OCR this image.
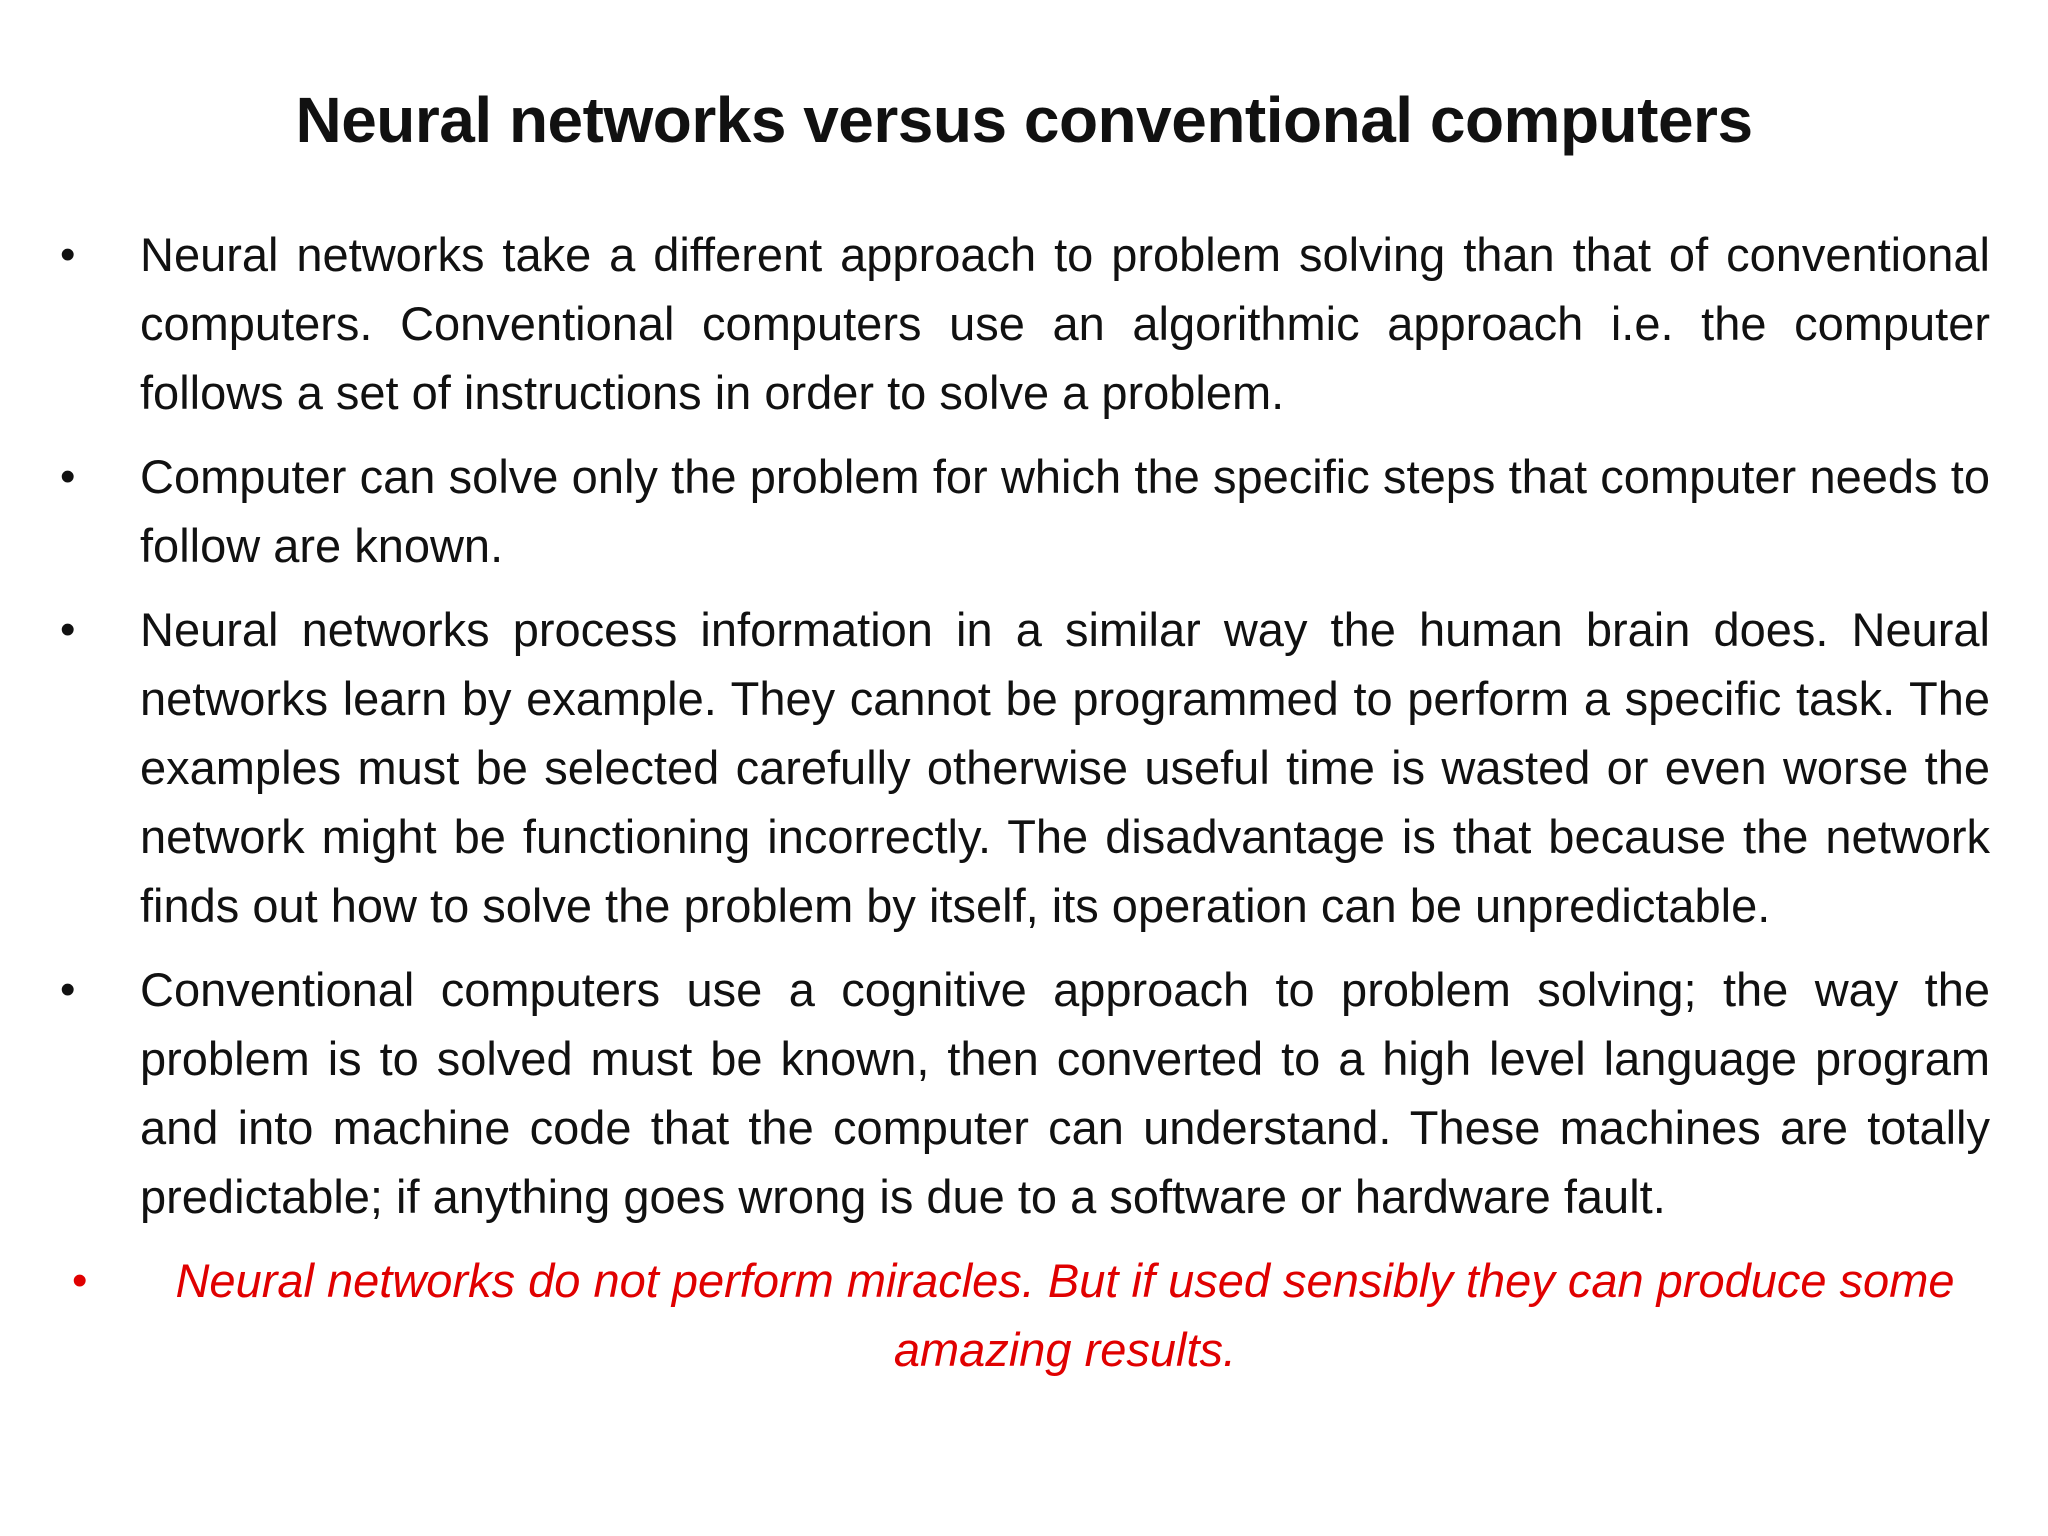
Neural networks versus conventional computers
•	Neural networks take a different approach to problem solving than that of conventional computers. Conventional computers use an algorithmic approach i.e. the computer follows a set of instructions in order to solve a problem.
•	Computer can solve only the problem for which the specific steps that computer needs to follow are known.
•	Neural networks process information in a similar way the human brain does. Neural networks learn by example. They cannot be programmed to perform a specific task. The examples must be selected carefully otherwise useful time is wasted or even worse the network might be functioning incorrectly. The disadvantage is that because the network finds out how to solve the problem by itself, its operation can be unpredictable.
•	Conventional computers use a cognitive approach to problem solving; the way the problem is to solved must be known, then converted to a high level language program and into machine code that the computer can understand. These machines are totally predictable; if anything goes wrong is due to a software or hardware fault.
•	Neural networks do not perform miracles. But if used sensibly they can produce some amazing results.
